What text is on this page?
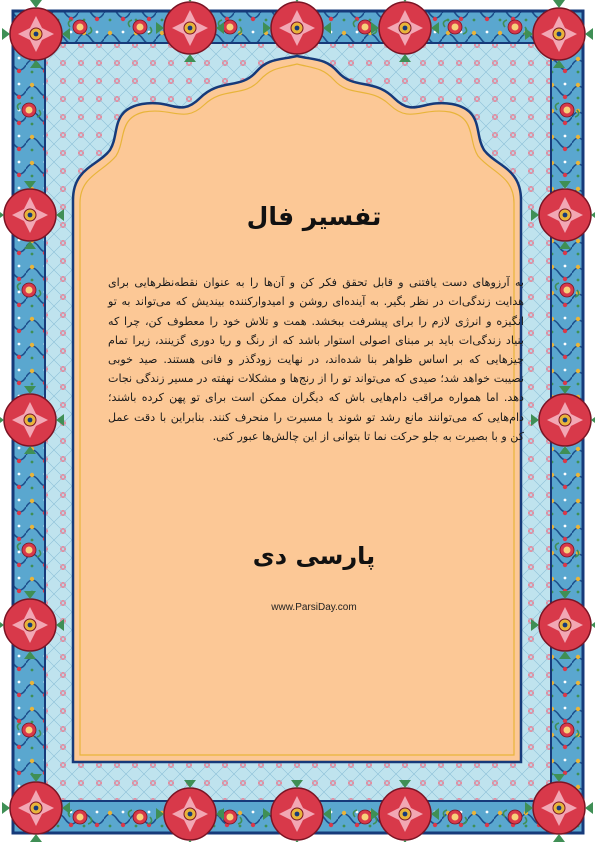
تفسیر فال

به آرزوهای دست یافتنی و قابل تحقق فکر کن و آن‌ها را به عنوان نقطه‌نظرهایی برای هدایت زندگی‌ات در نظر بگیر. به آینده‌ای روشن و امیدوارکننده بیندیش که می‌تواند به تو انگیزه و انرژی لازم را برای پیشرفت ببخشد. همت و تلاش خود را معطوف کن، چرا که بنیاد زندگی‌ات باید بر مبنای اصولی استوار باشد که از رنگ و ریا دوری گزینند، زیرا تمام چیزهایی که بر اساس ظواهر بنا شده‌اند، در نهایت زودگذر و فانی هستند. صید خوبی نصیبت خواهد شد؛ صیدی که می‌تواند تو را از رنج‌ها و مشکلات نهفته در مسیر زندگی نجات دهد. اما همواره مراقب دام‌هایی باش که دیگران ممکن است برای تو پهن کرده باشند؛ دام‌هایی که می‌توانند مانع رشد تو شوند یا مسیرت را منحرف کنند. بنابراین با دقت عمل کن و با بصیرت به جلو حرکت نما تا بتوانی از این چالش‌ها عبور کنی.

پارسی دی
www.ParsiDay.com
